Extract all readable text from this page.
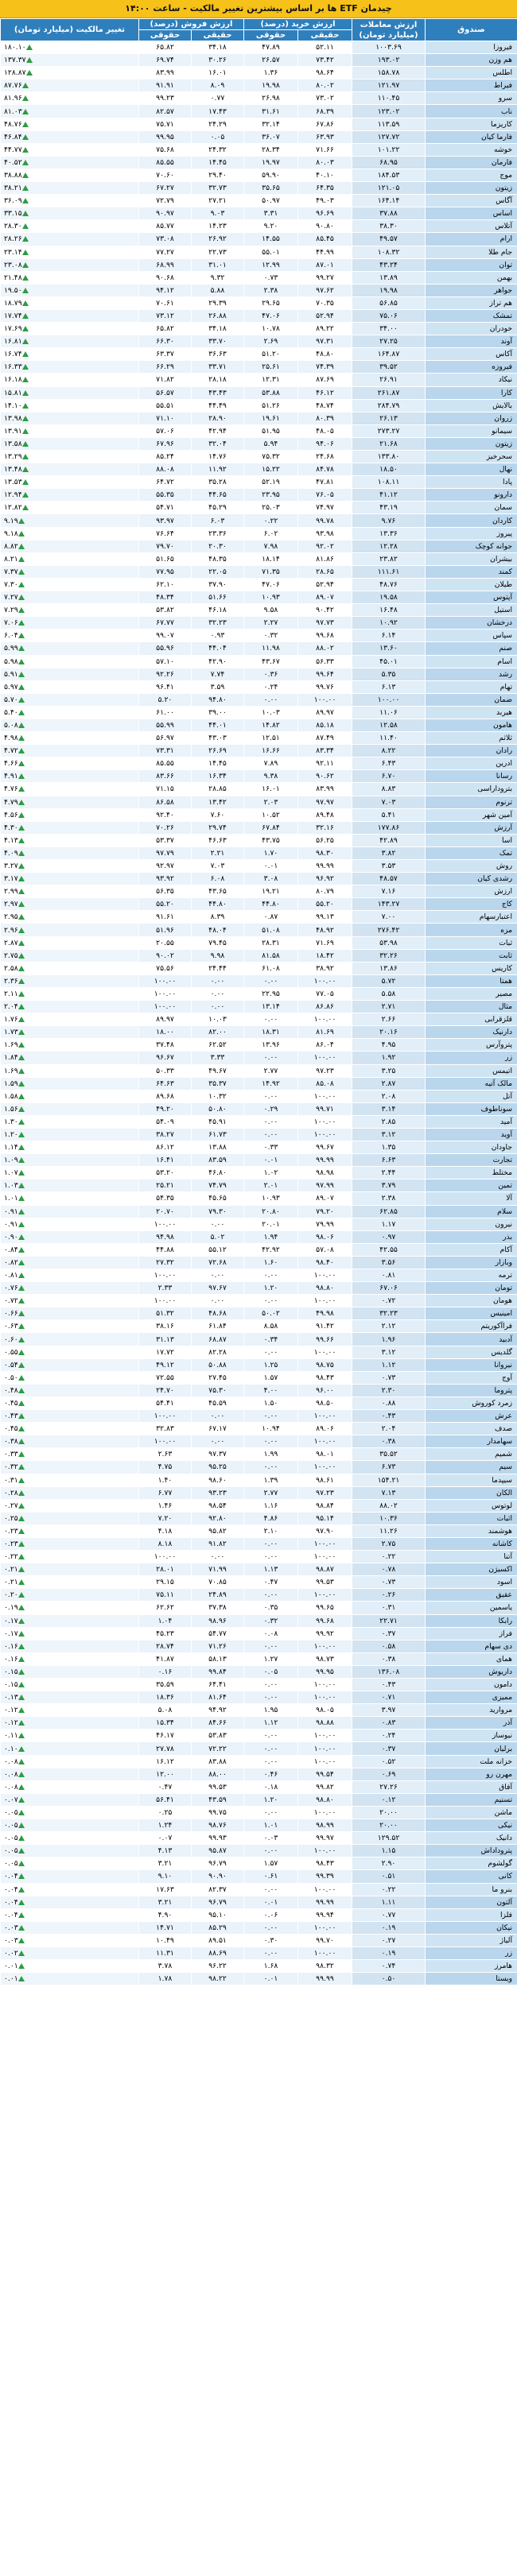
چیدمان ETF ها بر اساس بیشترین تغییر مالکیت - ساعت ۱۴:۰۰
صندوق	ارزش معاملات (میلیارد تومان)	ارزش خرید (درصد)		ارزش فروش (درصد)		تغییر مالکیت (میلیارد تومان)
		حقیقی	حقوقی	حقیقی	حقوقی	
فیروزا	۱۰۰۳.۶۹	۵۲.۱۱	۴۷.۸۹	۳۴.۱۸	۶۵.۸۲	۱۸۰.۱۰
هم وزن	۱۹۳.۰۲	۷۳.۴۲	۲۶.۵۷	۳۰.۲۶	۶۹.۷۴	۱۳۷.۳۷
اطلس	۱۵۸.۷۸	۹۸.۶۴	۱.۳۶	۱۶.۰۱	۸۳.۹۹	۱۲۸.۸۷
فیراط	۱۲۱.۹۷	۸۰.۰۲	۱۹.۹۸	۸.۰۹	۹۱.۹۱	۸۷.۷۶
سرو	۱۱۰.۴۵	۷۳.۰۲	۲۶.۹۸	۰.۷۷	۹۹.۲۳	۸۱.۹۶
ناب	۱۲۳.۰۲	۶۸.۳۹	۳۱.۶۱	۱۷.۴۳	۸۲.۵۷	۸۱.۰۳
کاریزما	۱۱۳.۵۹	۶۷.۸۶	۳۲.۱۴	۲۴.۲۹	۷۵.۷۱	۴۸.۷۶
فارما کیان	۱۲۷.۷۲	۶۳.۹۳	۳۶.۰۷	۰.۰۵	۹۹.۹۵	۴۶.۸۴
خوشه	۱۰۱.۲۲	۷۱.۶۶	۲۸.۳۴	۲۴.۳۲	۷۵.۶۸	۴۴.۷۷
فارمان	۶۸.۹۵	۸۰.۰۳	۱۹.۹۷	۱۴.۴۵	۸۵.۵۵	۴۰.۵۲
موج	۱۸۴.۵۳	۴۰.۱۰	۵۹.۹۰	۲۹.۴۰	۷۰.۶۰	۳۸.۸۸
زیتون	۱۲۱.۰۵	۶۴.۳۵	۳۵.۶۵	۳۲.۷۳	۶۷.۲۷	۳۸.۲۱
آگاس	۱۶۴.۱۴	۴۹.۰۳	۵۰.۹۷	۲۷.۲۱	۷۲.۷۹	۳۶.۰۹
اساس	۳۷.۸۸	۹۶.۶۹	۳.۳۱	۹.۰۳	۹۰.۹۷	۳۳.۱۵
آتلاس	۳۸.۳۰	۹۰.۸۰	۹.۲۰	۱۴.۲۳	۸۵.۷۷	۲۸.۳۰
ارام	۴۹.۵۷	۸۵.۴۵	۱۴.۵۵	۲۶.۹۲	۷۳.۰۸	۲۸.۲۶
جام طلا	۱۰۸.۳۲	۴۴.۹۹	۵۵.۰۱	۲۲.۷۳	۷۷.۲۷	۲۳.۱۴
توان	۴۳.۲۴	۸۷.۰۱	۱۲.۹۹	۳۱.۰۱	۶۸.۹۹	۲۳.۰۸
بهمن	۱۳.۸۹	۹۹.۲۷	۰.۷۳	۹.۳۲	۹۰.۶۸	۲۱.۴۸
جواهر	۱۹.۹۸	۹۷.۶۲	۲.۳۸	۵.۸۸	۹۴.۱۲	۱۹.۵۰
هم تراز	۵۶.۸۵	۷۰.۳۵	۲۹.۶۵	۲۹.۳۹	۷۰.۶۱	۱۸.۷۹
تمشک	۷۵.۰۶	۵۲.۹۴	۴۷.۰۶	۲۶.۸۸	۷۳.۱۲	۱۷.۷۴
خودران	۳۴.۰۰	۸۹.۲۲	۱۰.۷۸	۳۴.۱۸	۶۵.۸۲	۱۷.۶۹
آوند	۲۷.۲۵	۹۷.۳۱	۲.۶۹	۳۳.۷۰	۶۶.۳۰	۱۶.۸۱
آکاس	۱۶۴.۸۷	۴۸.۸۰	۵۱.۲۰	۳۶.۶۳	۶۳.۳۷	۱۶.۷۴
فیروزه	۳۹.۵۲	۷۴.۳۹	۲۵.۶۱	۳۳.۷۱	۶۶.۲۹	۱۶.۳۳
نیکاد	۲۶.۹۱	۸۷.۶۹	۱۲.۳۱	۲۸.۱۸	۷۱.۸۲	۱۶.۱۸
کارا	۲۶۱.۸۷	۴۶.۱۲	۵۳.۸۸	۴۳.۴۳	۵۶.۵۷	۱۵.۸۱
بالایش	۲۸۴.۷۹	۴۸.۷۴	۵۱.۲۶	۴۴.۴۹	۵۵.۵۱	۱۴.۱۰
زروان	۲۶.۱۳	۸۰.۳۹	۱۹.۶۱	۲۸.۹۰	۷۱.۱۰	۱۳.۹۸
سیمانو	۲۷۳.۲۷	۴۸.۰۵	۵۱.۹۵	۴۲.۹۴	۵۷.۰۶	۱۳.۹۱
زیتون	۲۱.۶۸	۹۴.۰۶	۵.۹۴	۳۲.۰۴	۶۷.۹۶	۱۳.۵۸
سحرخیز	۱۳۳.۸۰	۲۴.۶۸	۷۵.۳۲	۱۴.۷۶	۸۵.۲۴	۱۳.۲۹
نهال	۱۸.۵۰	۸۴.۷۸	۱۵.۲۲	۱۱.۹۲	۸۸.۰۸	۱۳.۴۸
پادا	۱۰۸.۱۱	۴۷.۸۱	۵۲.۱۹	۳۵.۲۸	۶۴.۷۲	۱۳.۵۳
دارونو	۴۱.۱۲	۷۶.۰۵	۲۳.۹۵	۴۴.۶۵	۵۵.۳۵	۱۲.۹۴
سمان	۴۳.۱۹	۷۴.۹۷	۲۵.۰۳	۴۵.۲۹	۵۴.۷۱	۱۲.۸۲
کاردان	۹.۷۶	۹۹.۷۸	۰.۲۲	۶.۰۳	۹۳.۹۷	۹.۱۹
پیروز	۱۳.۳۶	۹۳.۹۸	۶.۰۲	۲۳.۳۶	۷۶.۶۴	۹.۱۸
جوانه کوچک	۱۲.۲۸	۹۲.۰۲	۷.۹۸	۲۰.۳۰	۷۹.۷۰	۸.۸۲
بیشران	۲۳.۸۲	۸۱.۸۶	۱۸.۱۴	۴۸.۳۵	۵۱.۶۵	۸.۲۱
کمند	۱۱۱.۶۱	۲۸.۶۵	۷۱.۳۵	۲۲.۰۵	۷۷.۹۵	۷.۳۷
طیلان	۴۸.۷۶	۵۲.۹۴	۴۷.۰۶	۳۷.۹۰	۶۲.۱۰	۷.۳۰
آپتوس	۱۹.۵۸	۸۹.۰۷	۱۰.۹۳	۵۱.۶۶	۴۸.۳۴	۷.۲۷
استیل	۱۶.۴۸	۹۰.۴۲	۹.۵۸	۴۶.۱۸	۵۳.۸۲	۷.۲۹
درخشان	۱۰.۹۲	۹۷.۷۳	۲.۲۷	۳۲.۲۳	۶۷.۷۷	۷.۰۶
سپاس	۶.۱۴	۹۹.۶۸	۰.۳۲	۰.۹۳	۹۹.۰۷	۶.۰۴
صنم	۱۳.۶۰	۸۸.۰۲	۱۱.۹۸	۴۴.۰۴	۵۵.۹۶	۵.۹۹
اسام	۴۵.۰۱	۵۶.۳۳	۴۳.۶۷	۴۲.۹۰	۵۷.۱۰	۵.۹۸
رشد	۵.۳۵	۹۹.۶۴	۰.۳۶	۷.۷۴	۹۲.۲۶	۵.۹۱
تهام	۶.۱۳	۹۹.۷۶	۰.۲۴	۳.۵۹	۹۶.۴۱	۵.۹۷
ضمان	۱۰۰.۰۰	۱۰۰.۰۰	۰.۰۰	۹۴.۸۰	۵.۲۰	۵.۷۰
هیربد	۱۱.۰۶	۸۹.۹۷	۱۰.۰۳	۳۹.۰۰	۶۱.۰۰	۵.۴۰
هامون	۱۲.۵۸	۸۵.۱۸	۱۴.۸۲	۴۴.۰۱	۵۵.۹۹	۵.۰۸
ثلاثم	۱۱.۴۰	۸۷.۴۹	۱۲.۵۱	۴۳.۰۳	۵۶.۹۷	۴.۹۸
رادان	۸.۲۲	۸۳.۳۴	۱۶.۶۶	۲۶.۶۹	۷۳.۳۱	۴.۷۲
ادرین	۶.۴۳	۹۲.۱۱	۷.۸۹	۱۴.۴۵	۸۵.۵۵	۴.۶۶
رسانا	۶.۷۰	۹۰.۶۲	۹.۳۸	۱۶.۳۴	۸۳.۶۶	۴.۹۱
بتروداراسی	۸.۸۳	۸۳.۹۹	۱۶.۰۱	۲۸.۸۵	۷۱.۱۵	۴.۷۶
ترنوم	۷.۰۳	۹۷.۹۷	۲.۰۳	۱۳.۴۲	۸۶.۵۸	۴.۷۹
آمین شهر	۵.۴۱	۸۹.۴۸	۱۰.۵۲	۷.۶۰	۹۲.۴۰	۴.۵۶
آرزش	۱۷۷.۸۶	۳۲.۱۶	۶۷.۸۴	۲۹.۷۴	۷۰.۲۶	۴.۳۰
اسا	۴۲.۸۹	۵۶.۲۵	۴۳.۷۵	۴۶.۶۳	۵۳.۳۷	۴.۱۳
تمک	۳.۸۲	۹۸.۳۰	۱.۷۰	۲.۲۱	۹۷.۷۹	۴.۰۹
روش	۳.۵۳	۹۹.۹۹	۰.۰۱	۷.۰۳	۹۲.۹۷	۳.۲۷
رشدی کیان	۴۸.۵۷	۹۶.۹۲	۳.۰۸	۶.۰۸	۹۳.۹۲	۳.۱۷
ارزش	۷.۱۶	۸۰.۷۹	۱۹.۲۱	۴۳.۶۵	۵۶.۳۵	۲.۹۹
کاج	۱۴۳.۲۷	۵۵.۲۰	۴۴.۸۰	۴۴.۸۰	۵۵.۲۰	۲.۹۷
اعتبارسهام	۷.۰۰	۹۹.۱۳	۰.۸۷	۸.۳۹	۹۱.۶۱	۲.۹۵
مزه	۲۷۶.۴۲	۴۸.۹۲	۵۱.۰۸	۴۸.۰۴	۵۱.۹۶	۲.۹۶
ثبات	۵۳.۹۸	۷۱.۶۹	۲۸.۳۱	۷۹.۴۵	۲۰.۵۵	۲.۸۷
ثابت	۳۲.۲۶	۱۸.۴۲	۸۱.۵۸	۹.۹۸	۹۰.۰۲	۲.۷۵
کاریس	۱۳.۸۶	۳۸.۹۲	۶۱.۰۸	۲۴.۴۴	۷۵.۵۶	۲.۵۸
همتا	۵.۷۲	۱۰۰.۰۰	۰.۰۰	۰.۰۰	۱۰۰.۰۰	۲.۳۶
مصیر	۵.۵۸	۷۷.۰۵	۲۲.۹۵	۰.۰۰	۱۰۰.۰۰	۲.۱۱
مثال	۲.۷۱	۸۶.۸۶	۱۳.۱۴	۰.۰۰	۱۰۰.۰۰	۲.۰۴
قلزقرابی	۲.۶۶	۱۰۰.۰۰	۰.۰۰	۱۰.۰۳	۸۹.۹۷	۱.۷۶
دارنیک	۲۰.۱۶	۸۱.۶۹	۱۸.۳۱	۸۲.۰۰	۱۸.۰۰	۱.۷۳
پتروآرس	۴.۹۵	۸۶.۰۴	۱۳.۹۶	۶۲.۵۲	۳۷.۴۸	۱.۶۹
زر	۱.۹۲	۱۰۰.۰۰	۰.۰۰	۳.۳۳	۹۶.۶۷	۱.۸۴
اتیمس	۳.۲۵	۹۷.۲۳	۲.۷۷	۴۹.۶۷	۵۰.۳۳	۱.۶۹
مالک آتیه	۲.۸۷	۸۵.۰۸	۱۴.۹۲	۳۵.۳۷	۶۴.۶۳	۱.۵۹
آتل	۲.۰۸	۱۰۰.۰۰	۰.۰۰	۱۰.۳۲	۸۹.۶۸	۱.۵۸
سوناطوف	۳.۱۴	۹۹.۷۱	۰.۲۹	۵۰.۸۰	۴۹.۲۰	۱.۵۶
آمید	۲.۸۵	۱۰۰.۰۰	۰.۰۰	۴۵.۹۱	۵۴.۰۹	۱.۳۰
آوید	۳.۱۲	۱۰۰.۰۰	۰.۰۰	۶۱.۷۳	۳۸.۲۷	۱.۲۰
جاودان	۱.۳۵	۹۹.۶۷	۰.۳۳	۱۳.۸۸	۸۶.۱۲	۱.۱۴
تجارت	۶.۶۳	۹۹.۹۹	۰.۰۱	۸۳.۵۹	۱۶.۴۱	۱.۰۹
مختلط	۲.۴۴	۹۸.۹۸	۱.۰۲	۴۶.۸۰	۵۳.۲۰	۱.۰۷
تمین	۳.۷۹	۹۷.۹۹	۲.۰۱	۷۴.۷۹	۲۵.۲۱	۱.۰۳
آلا	۲.۳۸	۸۹.۰۷	۱۰.۹۳	۴۵.۶۵	۵۴.۳۵	۱.۰۱
سلام	۶۲.۸۵	۷۹.۲۰	۲۰.۸۰	۷۹.۳۰	۲۰.۷۰	۰.۹۱
نیرون	۱.۱۷	۷۹.۹۹	۲۰.۰۱	۰.۰۰	۱۰۰.۰۰	۰.۹۱
بذر	۰.۹۷	۹۸.۰۶	۱.۹۴	۵.۰۲	۹۴.۹۸	۰.۹۰
آکام	۴۲.۵۵	۵۷.۰۸	۴۲.۹۲	۵۵.۱۲	۴۴.۸۸	۰.۸۴
وبازار	۳.۵۶	۹۸.۴۰	۱.۶۰	۷۲.۶۸	۲۷.۳۲	۰.۸۲
ترمه	۰.۸۱	۱۰۰.۰۰	۰.۰۰	۰.۰۰	۱۰۰.۰۰	۰.۸۱
تومان	۶۷.۰۶	۹۸.۸۰	۱.۲۰	۹۷.۶۷	۲.۳۳	۰.۷۶
هومان	۰.۷۲	۱۰۰.۰۰	۰.۰۰	۰.۰۰	۱۰۰.۰۰	۰.۷۲
امینیس	۳۲.۲۳	۴۹.۹۸	۵۰.۰۲	۴۸.۶۸	۵۱.۳۲	۰.۶۶
فراآکوریتم	۲.۱۲	۹۱.۴۲	۸.۵۸	۶۱.۸۴	۳۸.۱۶	۰.۶۳
آدبید	۱.۹۶	۹۹.۶۶	۰.۳۴	۶۸.۸۷	۳۱.۱۳	۰.۶۰
گلدیس	۳.۱۲	۱۰۰.۰۰	۰.۰۰	۸۲.۲۸	۱۷.۷۲	۰.۵۵
نیروانا	۱.۱۲	۹۸.۷۵	۱.۲۵	۵۰.۸۸	۴۹.۱۲	۰.۵۴
آوج	۰.۷۳	۹۸.۴۳	۱.۵۷	۲۷.۴۵	۷۲.۵۵	۰.۵۰
پتروما	۲.۳۰	۹۶.۰۰	۴.۰۰	۷۵.۳۰	۲۴.۷۰	۰.۴۸
زمرد کوروش	۰.۸۸	۹۸.۵۰	۱.۵۰	۴۵.۵۹	۵۴.۴۱	۰.۴۵
عرش	۰.۴۳	۱۰۰.۰۰	۰.۰۰	۰.۰۰	۱۰۰.۰۰	۰.۴۳
صدف	۲.۰۴	۸۹.۰۶	۱۰.۹۴	۶۷.۱۷	۳۲.۸۳	۰.۴۵
سهامدار	۰.۳۸	۱۰۰.۰۰	۰.۰۰	۰.۰۰	۱۰۰.۰۰	۰.۳۸
شمیم	۳۵.۵۲	۹۸.۰۱	۱.۹۹	۹۷.۳۷	۲.۶۳	۰.۳۳
سیم	۶.۷۳	۱۰۰.۰۰	۰.۰۰	۹۵.۲۵	۴.۷۵	۰.۳۲
سیپدما	۱۵۴.۲۱	۹۸.۶۱	۱.۳۹	۹۸.۶۰	۱.۴۰	۰.۳۱
الکان	۷.۱۳	۹۷.۲۳	۲.۷۷	۹۳.۲۳	۶.۷۷	۰.۲۸
لوتوس	۸۸.۰۲	۹۸.۸۴	۱.۱۶	۹۸.۵۴	۱.۴۶	۰.۲۷
اثبات	۱۰.۳۶	۹۵.۱۴	۴.۸۶	۹۲.۸۰	۷.۲۰	۰.۲۵
هوشمند	۱۱.۲۶	۹۷.۹۰	۲.۱۰	۹۵.۸۲	۴.۱۸	۰.۲۳
کاشانه	۲.۷۵	۱۰۰.۰۰	۰.۰۰	۹۱.۸۲	۸.۱۸	۰.۲۳
آتنا	۰.۲۲	۱۰۰.۰۰	۰.۰۰	۰.۰۰	۱۰۰.۰۰	۰.۲۲
اکسیژن	۰.۷۸	۹۸.۸۷	۱.۱۳	۷۱.۹۹	۲۸.۰۱	۰.۲۱
اسود	۰.۷۳	۹۹.۵۳	۰.۴۷	۷۰.۸۵	۲۹.۱۵	۰.۲۱
عقیق	۰.۲۶	۱۰۰.۰۰	۰.۰۰	۲۴.۸۹	۷۵.۱۱	۰.۲۰
یاسمین	۰.۳۱	۹۹.۶۵	۰.۳۵	۳۷.۳۸	۶۲.۶۲	۰.۱۹
رابکا	۲۲.۷۱	۹۹.۶۸	۰.۳۲	۹۸.۹۶	۱.۰۴	۰.۱۷
فراز	۰.۳۷	۹۹.۹۲	۰.۰۸	۵۴.۷۷	۴۵.۲۳	۰.۱۷
دی سهام	۰.۵۸	۱۰۰.۰۰	۰.۰۰	۷۱.۲۶	۲۸.۷۴	۰.۱۶
همای	۰.۳۸	۹۸.۷۳	۱.۲۷	۵۸.۱۳	۴۱.۸۷	۰.۱۶
داریوش	۱۳۶.۰۸	۹۹.۹۵	۰.۰۵	۹۹.۸۴	۰.۱۶	۰.۱۵
دامون	۰.۴۳	۱۰۰.۰۰	۰.۰۰	۶۴.۴۱	۳۵.۵۹	۰.۱۵
ممیزی	۰.۷۱	۱۰۰.۰۰	۰.۰۰	۸۱.۶۴	۱۸.۳۶	۰.۱۳
مروارید	۳.۹۷	۹۸.۰۵	۱.۹۵	۹۴.۹۲	۵.۰۸	۰.۱۲
آذر	۰.۸۳	۹۸.۸۸	۱.۱۲	۸۴.۶۶	۱۵.۳۴	۰.۱۲
نیوساز	۰.۲۴	۱۰۰.۰۰	۰.۰۰	۵۳.۸۳	۴۶.۱۷	۰.۱۱
برلیان	۰.۳۷	۱۰۰.۰۰	۰.۰۰	۷۲.۲۲	۲۷.۷۸	۰.۱۰
خزانه ملت	۰.۵۲	۱۰۰.۰۰	۰.۰۰	۸۳.۸۸	۱۶.۱۲	۰.۰۸
مهرن رو	۰.۶۹	۹۹.۵۴	۰.۴۶	۸۸.۰۰	۱۲.۰۰	۰.۰۸
آفاق	۲۷.۲۶	۹۹.۸۲	۰.۱۸	۹۹.۵۳	۰.۴۷	۰.۰۸
تسنیم	۰.۱۲	۹۸.۸۰	۱.۲۰	۴۳.۵۹	۵۶.۴۱	۰.۰۷
ماشن	۲۰.۰۰	۱۰۰.۰۰	۰.۰۰	۹۹.۷۵	۰.۲۵	۰.۰۵
نیکی	۲۰.۰۰	۹۸.۹۹	۱.۰۱	۹۸.۷۶	۱.۲۴	۰.۰۵
دانیک	۱۲۹.۵۲	۹۹.۹۷	۰.۰۳	۹۹.۹۳	۰.۰۷	۰.۰۵
پتروداداش	۱.۱۵	۱۰۰.۰۰	۰.۰۰	۹۵.۸۷	۴.۱۳	۰.۰۵
گولشوم	۲.۹۰	۹۸.۴۳	۱.۵۷	۹۶.۷۹	۳.۲۱	۰.۰۵
کانی	۰.۵۱	۹۹.۳۹	۰.۶۱	۹۰.۹۰	۹.۱۰	۰.۰۴
بنرو ما	۰.۲۲	۱۰۰.۰۰	۰.۰۰	۸۲.۳۷	۱۷.۶۳	۰.۰۴
آلتون	۱.۱۱	۹۹.۹۹	۰.۰۱	۹۶.۷۹	۳.۲۱	۰.۰۴
فلزا	۰.۷۷	۹۹.۹۴	۰.۰۶	۹۵.۱۰	۴.۹۰	۰.۰۴
نیکان	۰.۱۹	۱۰۰.۰۰	۰.۰۰	۸۵.۲۹	۱۴.۷۱	۰.۰۳
آلیاژ	۰.۲۷	۹۹.۷۰	۰.۳۰	۸۹.۵۱	۱۰.۴۹	۰.۰۳
زر	۰.۱۹	۱۰۰.۰۰	۰.۰۰	۸۸.۶۹	۱۱.۳۱	۰.۰۲
هامرز	۰.۷۴	۹۸.۳۲	۱.۶۸	۹۶.۲۲	۳.۷۸	۰.۰۱
ویستا	۰.۵۰	۹۹.۹۹	۰.۰۱	۹۸.۲۲	۱.۷۸	۰.۰۱
